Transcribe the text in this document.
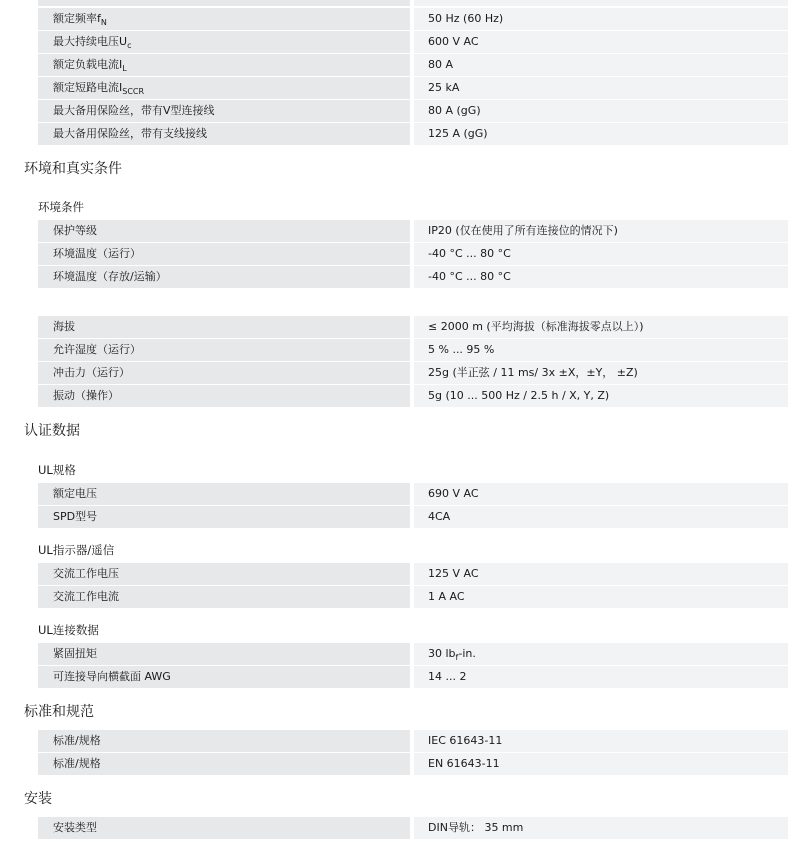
额定频率$f_N$	50 Hz (60 Hz)
最大持续电压$U_c$	600 V AC
额定负载电流$I_L$	80 A
额定短路电流$I_{SCCR}$	25 kA
最大备用保险丝，带有V型连接线	80 A (gG)
最大备用保险丝，带有支线接线	125 A (gG)
环境和真实条件
环境条件
保护等级	IP20 (仅在使用了所有连接位的情况下)
环境温度（运行）	-40 °C ... 80 °C
环境温度（存放/运输）	-40 °C ... 80 °C
海拔	≤ 2000 m (平均海拔（标准海拔零点以上）)
允许湿度（运行）	5 % ... 95 %
冲击力（运行）	25g (半正弦 / 11 ms/ 3x ±X，±Y， ±Z)
振动（操作）	5g (10 ... 500 Hz / 2.5 h / X, Y, Z)
认证数据
UL规格
额定电压	690 V AC
SPD型号	4CA
UL指示器/遥信
交流工作电压	125 V AC
交流工作电流	1 A AC
UL连接数据
紧固扭矩	30 $lb_f-in$.
可连接导向横截面 AWG	14 ... 2
标准和规范
标准/规格	IEC 61643-11
标准/规格	EN 61643-11
安装
安装类型	DIN导轨： 35 mm
